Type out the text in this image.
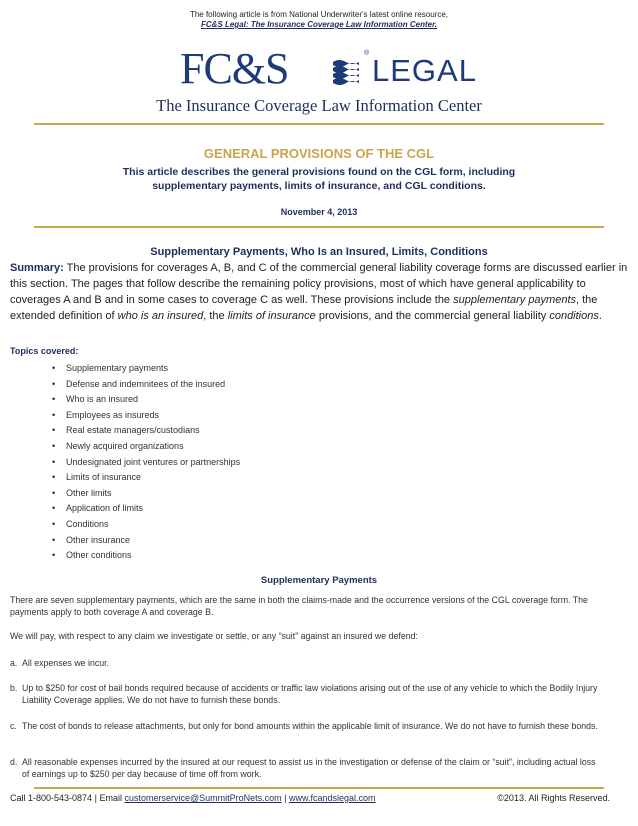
The following article is from National Underwriter's latest online resource,
FC&S Legal: The Insurance Coverage Law Information Center.
FC&S	® LEGAL
The Insurance Coverage Law Information Center
GENERAL PROVISIONS OF THE CGL
This article describes the general provisions found on the CGL form, including
supplementary payments, limits of insurance, and CGL conditions.
November 4, 2013
Supplementary Payments, Who Is an Insured, Limits, Conditions
Summary: The provisions for coverages A, B, and C of the commercial general liability coverage forms are discussed earlier in this section. The pages that follow describe the remaining policy provisions, most of which have general applicability to coverages A and B and in some cases to coverage C as well. These provisions include the supplementary payments, the extended definition of who is an insured, the limits of insurance provisions, and the commercial general liability conditions.
Topics covered:
• Supplementary payments
• Defense and indemnitees of the insured
• Who is an insured
• Employees as insureds
• Real estate managers/custodians
• Newly acquired organizations
• Undesignated joint ventures or partnerships
• Limits of insurance
• Other limits
• Application of limits
• Conditions
• Other insurance
• Other conditions
Supplementary Payments
There are seven supplementary payments, which are the same in both the claims-made and the occurrence versions of the CGL coverage form. The payments apply to both coverage A and coverage B.
We will pay, with respect to any claim we investigate or settle, or any “suit” against an insured we defend:
a. All expenses we incur.
b. Up to $250 for cost of bail bonds required because of accidents or traffic law violations arising out of the use of any vehicle to which the Bodily Injury Liability Coverage applies. We do not have to furnish these bonds.
c. The cost of bonds to release attachments, but only for bond amounts within the applicable limit of insurance. We do not have to furnish these bonds.
d. All reasonable expenses incurred by the insured at our request to assist us in the investigation or defense of the claim or “suit”, including actual loss of earnings up to $250 per day because of time off from work.
Call 1-800-543-0874 | Email customerservice@SummitProNets.com | www.fcandslegal.com	©2013. All Rights Reserved.
